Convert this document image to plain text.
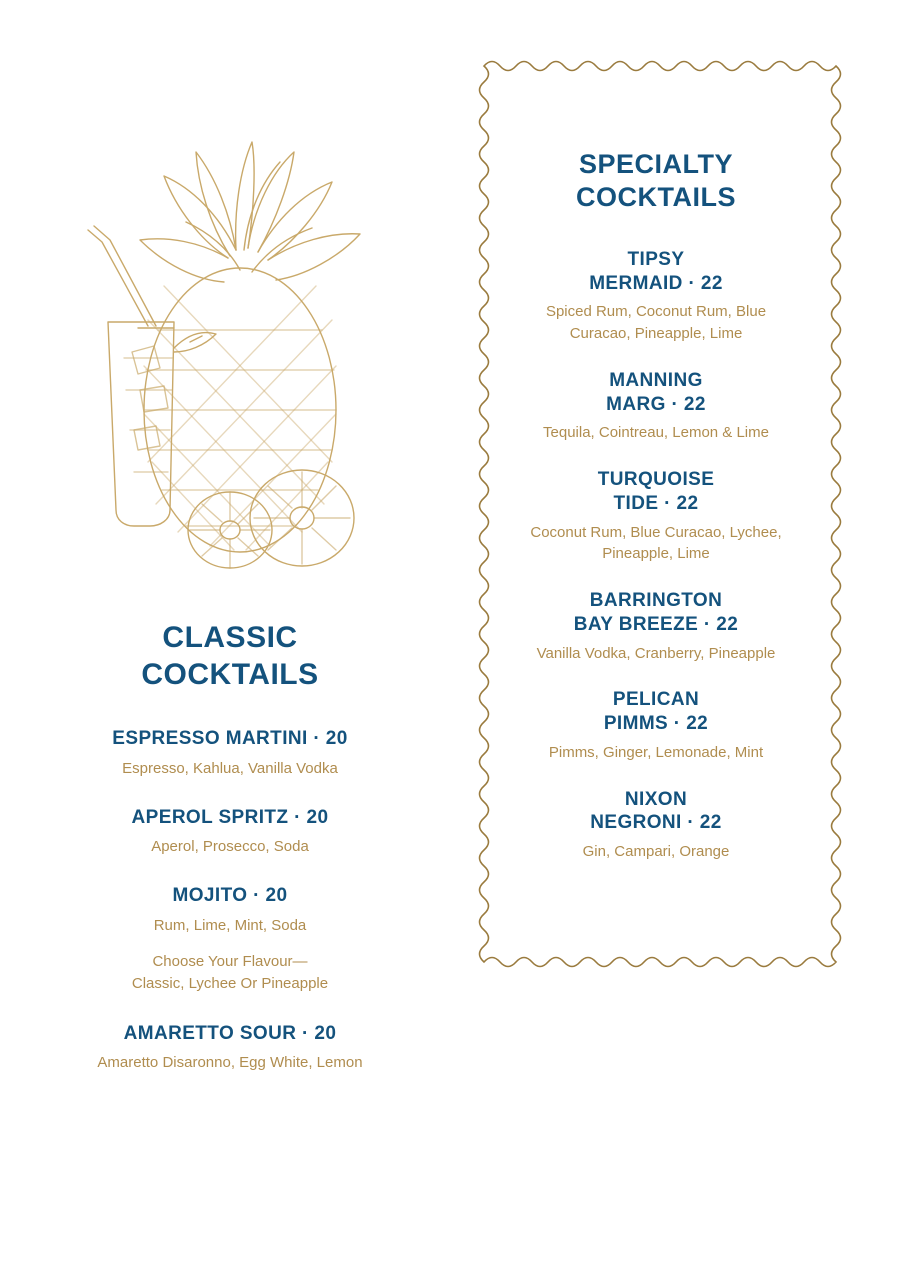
CLASSIC
COCKTAILS
ESPRESSO MARTINI · 20
Espresso, Kahlua, Vanilla Vodka
APEROL SPRITZ · 20
Aperol, Prosecco, Soda
MOJITO · 20
Rum, Lime, Mint, Soda
Choose Your Flavour—
Classic, Lychee Or Pineapple
AMARETTO SOUR · 20
Amaretto Disaronno, Egg White, Lemon
SPECIALTY
COCKTAILS
TIPSY
MERMAID · 22
Spiced Rum, Coconut Rum, Blue Curacao, Pineapple, Lime
MANNING
MARG · 22
Tequila, Cointreau, Lemon & Lime
TURQUOISE
TIDE · 22
Coconut Rum, Blue Curacao, Lychee, Pineapple, Lime
BARRINGTON
BAY BREEZE · 22
Vanilla Vodka, Cranberry, Pineapple
PELICAN
PIMMS · 22
Pimms, Ginger, Lemonade, Mint
NIXON
NEGRONI · 22
Gin, Campari, Orange
